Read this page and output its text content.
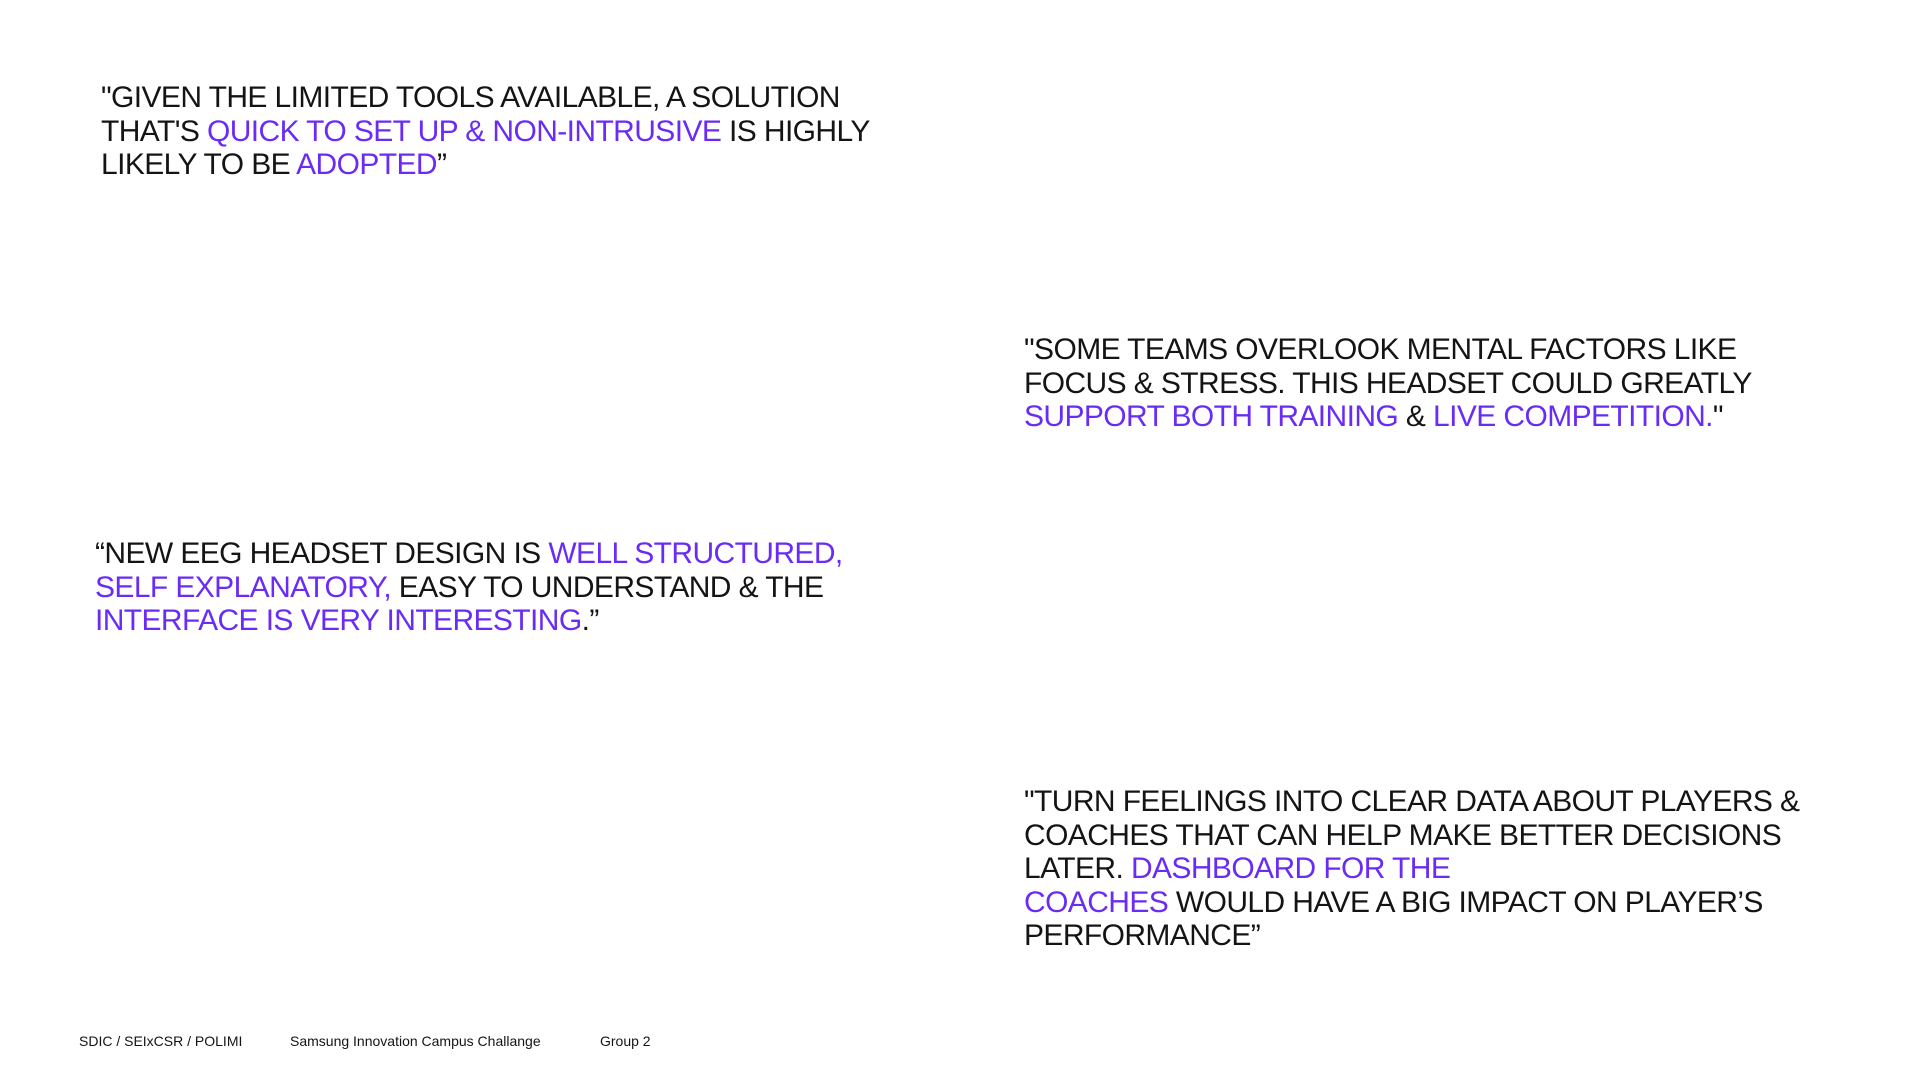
"GIVEN THE LIMITED TOOLS AVAILABLE, A SOLUTION THAT'S QUICK TO SET UP & NON-INTRUSIVE IS HIGHLY LIKELY TO BE ADOPTED”

"SOME TEAMS OVERLOOK MENTAL FACTORS LIKE FOCUS & STRESS. THIS HEADSET COULD GREATLY SUPPORT BOTH TRAINING & LIVE COMPETITION."

“NEW EEG HEADSET DESIGN IS WELL STRUCTURED, SELF EXPLANATORY, EASY TO UNDERSTAND & THE INTERFACE IS VERY INTERESTING.”

"TURN FEELINGS INTO CLEAR DATA ABOUT PLAYERS & COACHES THAT CAN HELP MAKE BETTER DECISIONS LATER. DASHBOARD FOR THE
COACHES WOULD HAVE A BIG IMPACT ON PLAYER’S PERFORMANCE”

SDIC / SEIxCSR / POLIMI	Samsung Innovation Campus Challange	Group 2
